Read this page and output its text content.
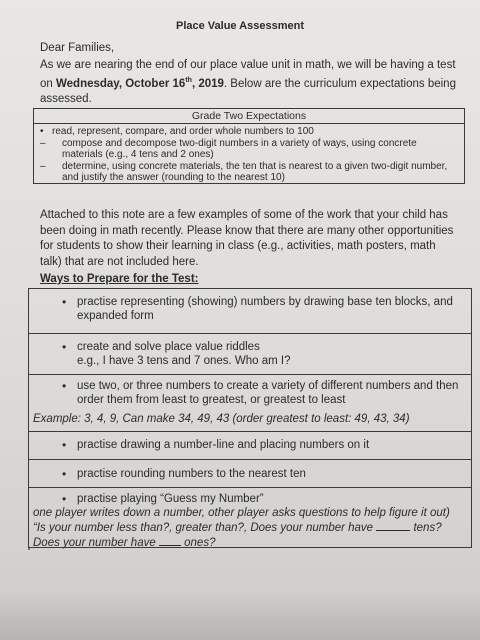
Place Value Assessment
Dear Families,
As we are nearing the end of our place value unit in math, we will be having a test on Wednesday, October 16th, 2019. Below are the curriculum expectations being assessed.
Grade Two Expectations
• read, represent, compare, and order whole numbers to 100
–	compose and decompose two-digit numbers in a variety of ways, using concrete materials (e.g., 4 tens and 2 ones)
–	determine, using concrete materials, the ten that is nearest to a given two-digit number, and justify the answer (rounding to the nearest 10)
Attached to this note are a few examples of some of the work that your child has been doing in math recently. Please know that there are many other opportunities for students to show their learning in class (e.g., activities, math posters, math talk) that are not included here.
Ways to Prepare for the Test:
• practise representing (showing) numbers by drawing base ten blocks, and expanded form
• create and solve place value riddles
e.g., I have 3 tens and 7 ones. Who am I?
• use two, or three numbers to create a variety of different numbers and then order them from least to greatest, or greatest to least
Example: 3, 4, 9, Can make 34, 49, 43 (order greatest to least: 49, 43, 34)
• practise drawing a number-line and placing numbers on it
• practise rounding numbers to the nearest ten
• practise playing “Guess my Number”
one player writes down a number, other player asks questions to help figure it out) “Is your number less than?, greater than?, Does your number have	tens? Does your number have  ones?
